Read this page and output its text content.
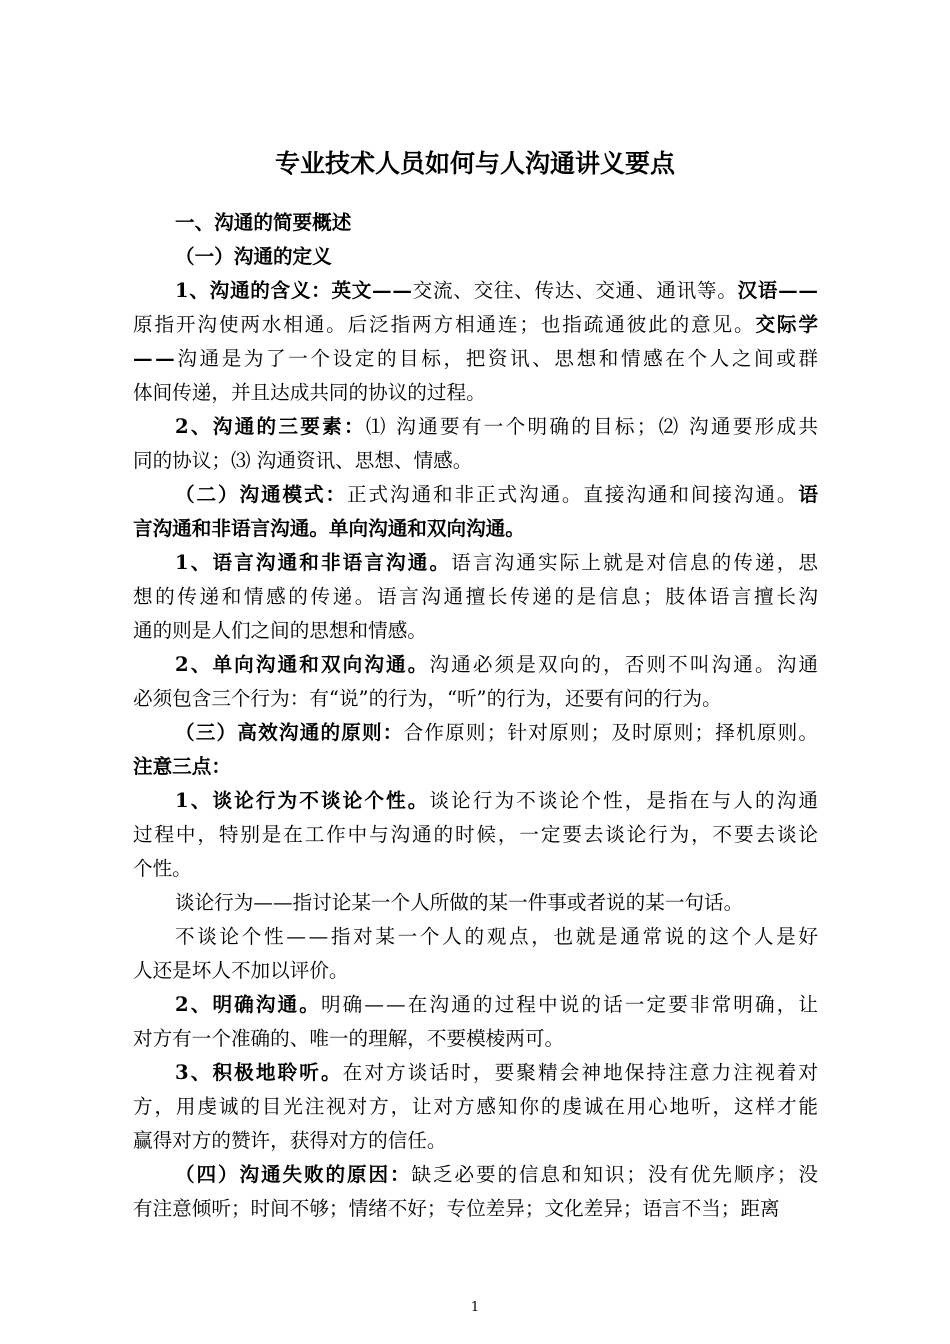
专业技术人员如何与人沟通讲义要点
一、沟通的简要概述
（一）沟通的定义
1、沟通的含义：英文—— 交流、交往、传达、交通、通讯等。 汉语——
原指开沟使两水相通。后泛指两方相通连；也指疏通彼此的意见。 交际学
—— 沟通是为了一个设定的目标，把资讯、思想和情感在个人之间或群
体间传递，并且达成共同的协议的过程。
2、沟通的三要素： ⑴ 沟通要有一个明确的目标；⑵ 沟通要形成共
同的协议；⑶ 沟通资讯、思想、情感。
（二）沟通模式： 正式沟通和非正式沟通。直接沟通和间接沟通。 语
言沟通和非语言沟通。单向沟通和双向沟通。
1、语言沟通和非语言沟通。 语言沟通实际上就是对信息的传递，思
想的传递和情感的传递。语言沟通擅长传递的是信息；肢体语言擅长沟
通的则是人们之间的思想和情感。
2、单向沟通和双向沟通。 沟通必须是双向的，否则不叫沟通。沟通
必须包含三个行为：有“说”的行为，“听”的行为，还要有问的行为。
（三）高效沟通的原则： 合作原则；针对原则；及时原则；择机原则。
注意三点：
1、谈论行为不谈论个性。 谈论行为不谈论个性，是指在与人的沟通
过程中，特别是在工作中与沟通的时候，一定要去谈论行为，不要去谈论
个性。
谈论行为——指讨论某一个人所做的某一件事或者说的某一句话。
不谈论个性——指对某一个人的观点，也就是通常说的这个人是好
人还是坏人不加以评价。
2、明确沟通。 明确——在沟通的过程中说的话一定要非常明确，让
对方有一个准确的、唯一的理解，不要模棱两可。
3、积极地聆听。 在对方谈话时，要聚精会神地保持注意力注视着对
方，用虔诚的目光注视对方，让对方感知你的虔诚在用心地听，这样才能
赢得对方的赞许，获得对方的信任。
（四）沟通失败的原因： 缺乏必要的信息和知识；没有优先顺序；没
有注意倾听；时间不够；情绪不好；专位差异；文化差异；语言不当；距离
1
